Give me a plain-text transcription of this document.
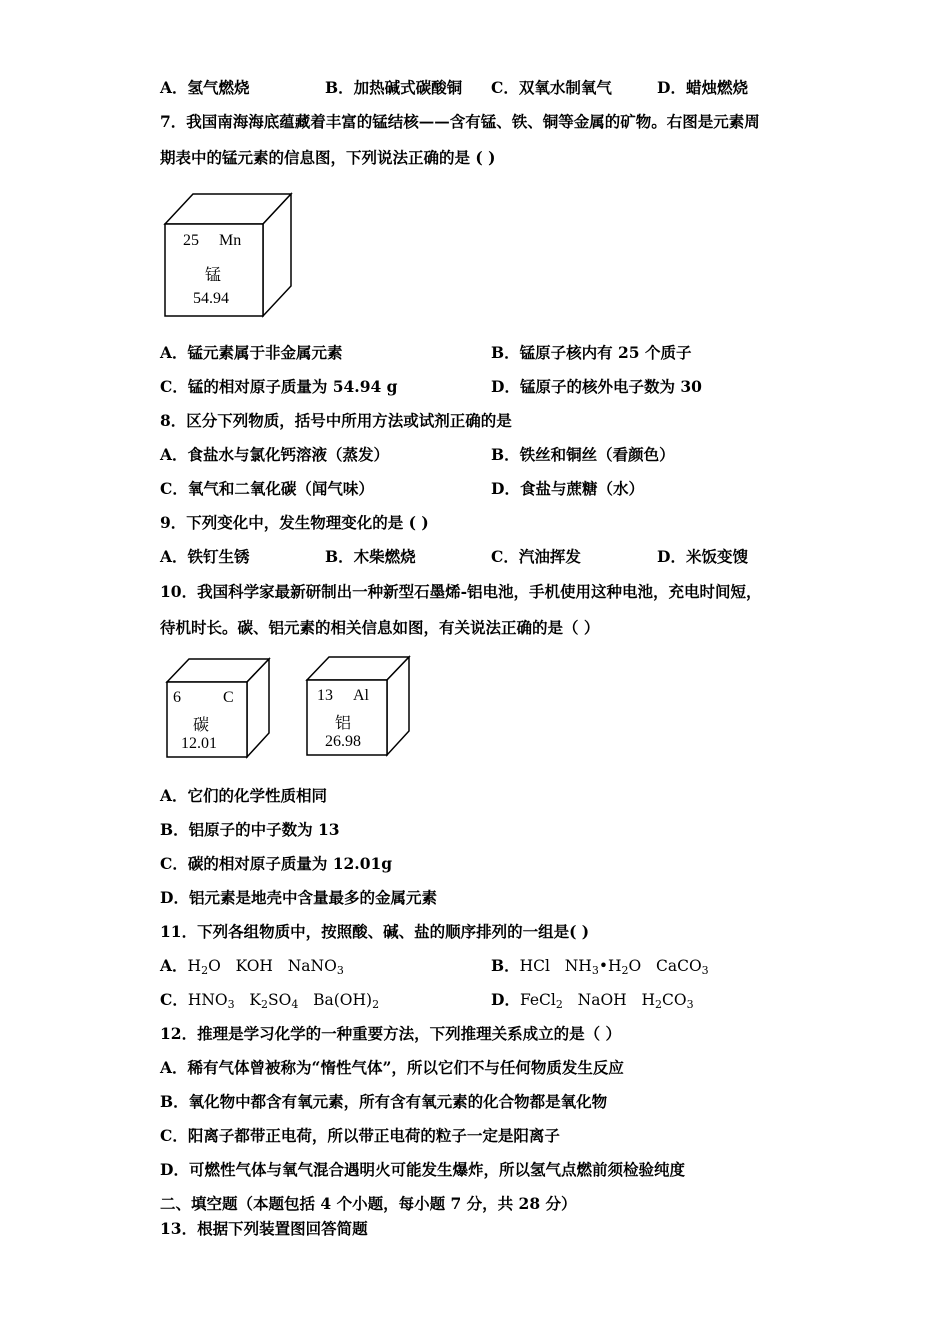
A．氢气燃烧	B．加热碱式碳酸铜 C．双氧水制氧气	D．蜡烛燃烧
7．我国南海海底蕴藏着丰富的锰结核——含有锰、铁、铜等金属的矿物。右图是元素周
期表中的锰元素的信息图，下列说法正确的是 ( )
25 Mn
锰
54.94
A．锰元素属于非金属元素	B．锰原子核内有 25 个质子
C．锰的相对原子质量为 54.94 g	D．锰原子的核外电子数为 30
8．区分下列物质，括号中所用方法或试剂正确的是
A．食盐水与氯化钙溶液（蒸发）	B．铁丝和铜丝（看颜色）
C．氧气和二氧化碳（闻气味）	D．食盐与蔗糖（水）
9．下列变化中，发生物理变化的是 ( )
A．铁钉生锈	B．木柴燃烧	C．汽油挥发	D．米饭变馊
10．我国科学家最新研制出一种新型石墨烯-铝电池，手机使用这种电池，充电时间短，
待机时长。碳、铝元素的相关信息如图，有关说法正确的是（ ）
6	C
碳
12.01
13 Al
铝
26.98
A．它们的化学性质相同
B．铝原子的中子数为 13
C．碳的相对原子质量为 12.01g
D．铝元素是地壳中含量最多的金属元素
11．下列各组物质中，按照酸、碱、盐的顺序排列的一组是( )
A．$H_2O$ KOH NaNO$_3$	B．HCl $NH_3•H_2O$ CaCO$_3$
C．$HNO_3$ $K_2SO_4$ $Ba(OH)_2$	D．FeCl$_2$ NaOH $H_2CO_3$
12．推理是学习化学的一种重要方法，下列推理关系成立的是（ ）
A．稀有气体曾被称为“惰性气体”，所以它们不与任何物质发生反应
B．氧化物中都含有氧元素，所有含有氧元素的化合物都是氧化物
C．阳离子都带正电荷，所以带正电荷的粒子一定是阳离子
D．可燃性气体与氧气混合遇明火可能发生爆炸，所以氢气点燃前须检验纯度
二、填空题（本题包括 4 个小题，每小题 7 分，共 28 分）
13．根据下列装置图回答简题
